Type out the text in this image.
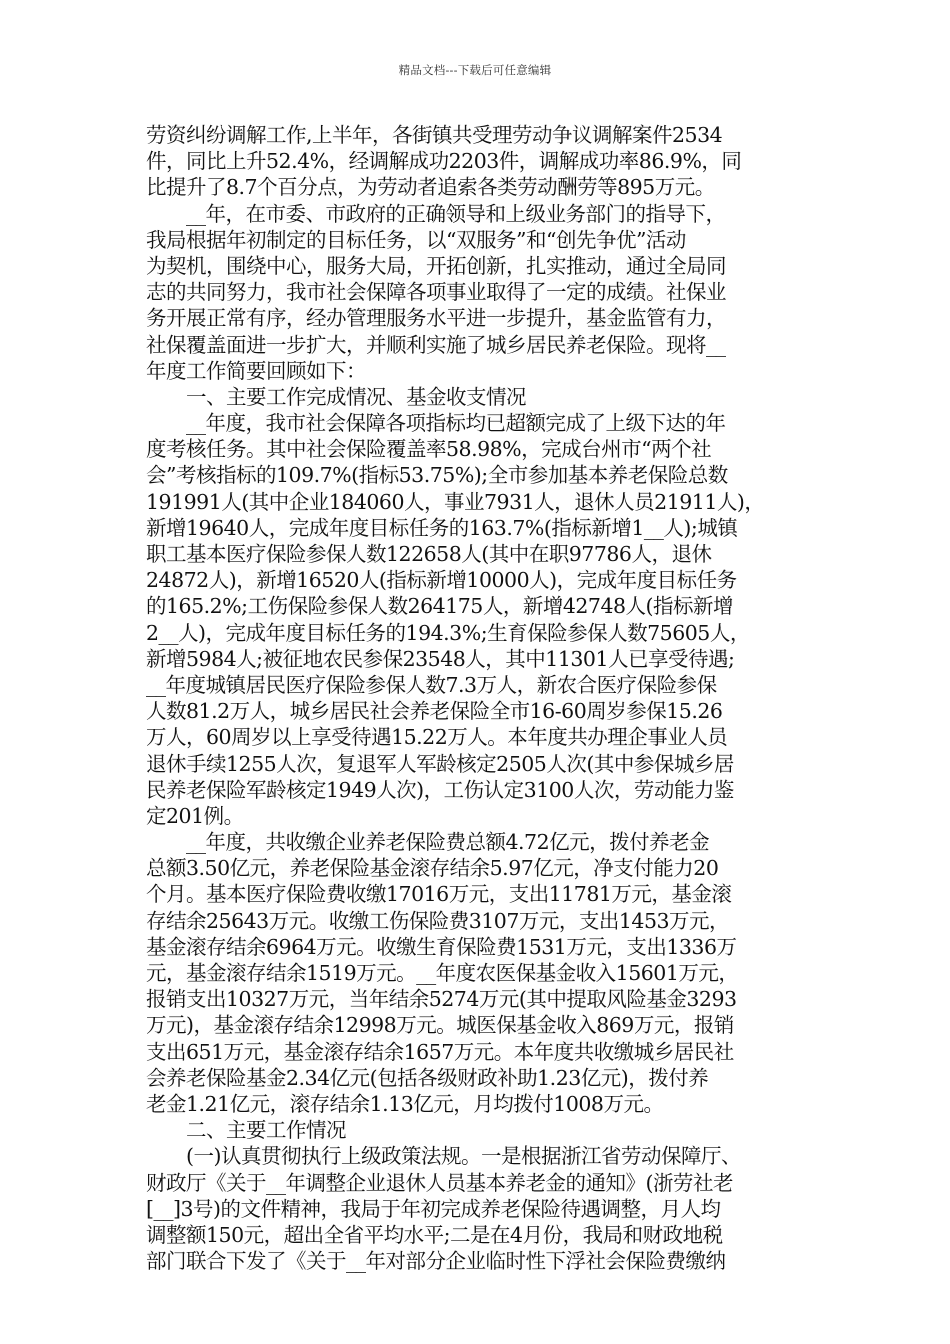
精品文档---下载后可任意编辑
劳资纠纷调解工作,上半年，各街镇共受理劳动争议调解案件2534
件，同比上升52.4%，经调解成功2203件，调解成功率86.9%，同
比提升了8.7个百分点，为劳动者追索各类劳动酬劳等895万元。
　　__年，在市委、市政府的正确领导和上级业务部门的指导下，
我局根据年初制定的目标任务，以“双服务”和“创先争优”活动
为契机，围绕中心，服务大局，开拓创新，扎实推动，通过全局同
志的共同努力，我市社会保障各项事业取得了一定的成绩。社保业
务开展正常有序，经办管理服务水平进一步提升，基金监管有力，
社保覆盖面进一步扩大，并顺利实施了城乡居民养老保险。现将__
年度工作简要回顾如下：
　　一、主要工作完成情况、基金收支情况
　　__年度，我市社会保障各项指标均已超额完成了上级下达的年
度考核任务。其中社会保险覆盖率58.98%，完成台州市“两个社
会”考核指标的109.7%(指标53.75%);全市参加基本养老保险总数
191991人(其中企业184060人，事业7931人，退休人员21911人)，
新增19640人，完成年度目标任务的163.7%(指标新增1__人);城镇
职工基本医疗保险参保人数122658人(其中在职97786人，退休
24872人)，新增16520人(指标新增10000人)，完成年度目标任务
的165.2%;工伤保险参保人数264175人，新增42748人(指标新增
2__人)，完成年度目标任务的194.3%;生育保险参保人数75605人，
新增5984人;被征地农民参保23548人，其中11301人已享受待遇;
__年度城镇居民医疗保险参保人数7.3万人，新农合医疗保险参保
人数81.2万人，城乡居民社会养老保险全市16-60周岁参保15.26
万人，60周岁以上享受待遇15.22万人。本年度共办理企事业人员
退休手续1255人次，复退军人军龄核定2505人次(其中参保城乡居
民养老保险军龄核定1949人次)，工伤认定3100人次，劳动能力鉴
定201例。
　　__年度，共收缴企业养老保险费总额4.72亿元，拨付养老金
总额3.50亿元，养老保险基金滚存结余5.97亿元，净支付能力20
个月。基本医疗保险费收缴17016万元，支出11781万元，基金滚
存结余25643万元。收缴工伤保险费3107万元，支出1453万元，
基金滚存结余6964万元。收缴生育保险费1531万元，支出1336万
元，基金滚存结余1519万元。__年度农医保基金收入15601万元，
报销支出10327万元，当年结余5274万元(其中提取风险基金3293
万元)，基金滚存结余12998万元。城医保基金收入869万元，报销
支出651万元，基金滚存结余1657万元。本年度共收缴城乡居民社
会养老保险基金2.34亿元(包括各级财政补助1.23亿元)，拨付养
老金1.21亿元，滚存结余1.13亿元，月均拨付1008万元。
　　二、主要工作情况
　　(一)认真贯彻执行上级政策法规。一是根据浙江省劳动保障厅、
财政厅《关于__年调整企业退休人员基本养老金的通知》(浙劳社老
[__]3号)的文件精神，我局于年初完成养老保险待遇调整，月人均
调整额150元，超出全省平均水平;二是在4月份，我局和财政地税
部门联合下发了《关于__年对部分企业临时性下浮社会保险费缴纳
